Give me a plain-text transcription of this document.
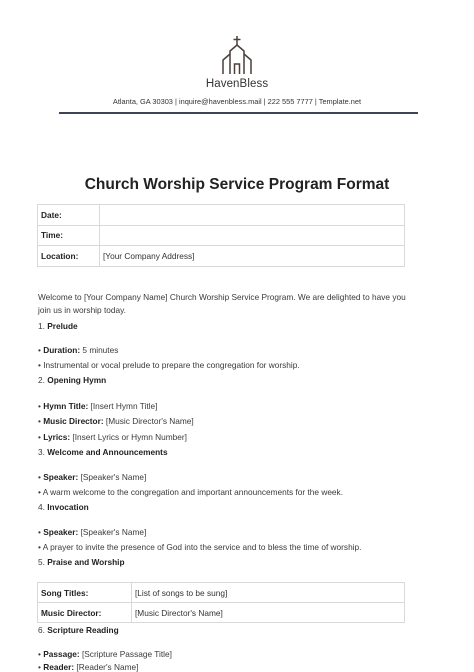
HavenBless
Atlanta, GA 30303 | inquire@havenbless.mail | 222 555 7777 | Template.net
Church Worship Service Program Format
Date:	
Time:	
Location:	[Your Company Address]
Welcome to [Your Company Name] Church Worship Service Program. We are delighted to have you join us in worship today.
1. Prelude
• Duration: 5 minutes
• Instrumental or vocal prelude to prepare the congregation for worship.
2. Opening Hymn
• Hymn Title: [Insert Hymn Title]
• Music Director: [Music Director's Name]
• Lyrics: [Insert Lyrics or Hymn Number]
3. Welcome and Announcements
• Speaker: [Speaker's Name]
• A warm welcome to the congregation and important announcements for the week.
4. Invocation
• Speaker: [Speaker's Name]
• A prayer to invite the presence of God into the service and to bless the time of worship.
5. Praise and Worship
6. Scripture Reading
• Passage: [Scripture Passage Title]
• Reader: [Reader's Name]
Song Titles:	[List of songs to be sung]
Music Director:	[Music Director's Name]
